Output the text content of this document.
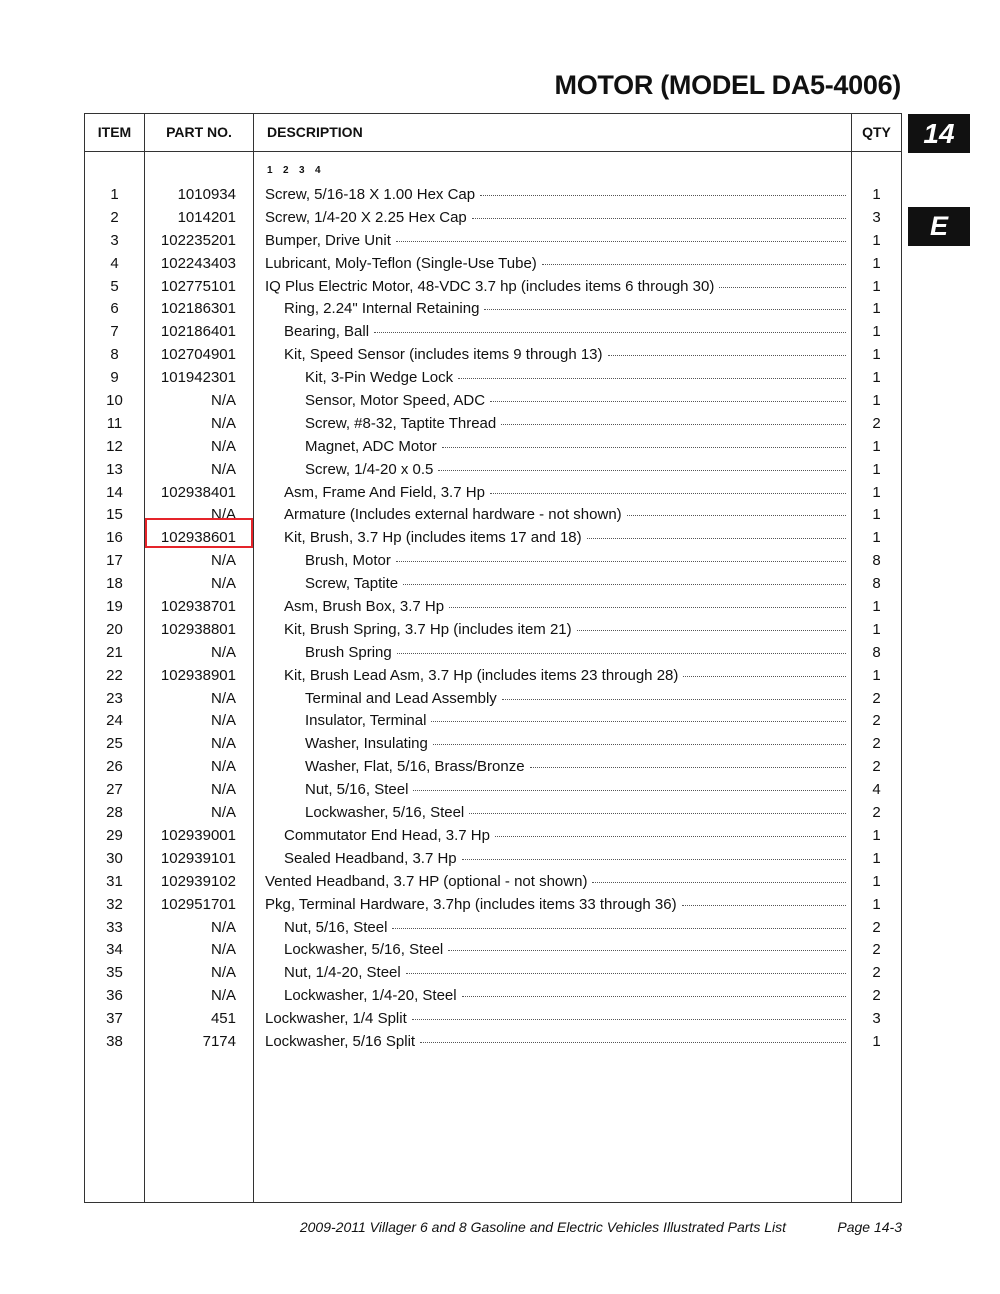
MOTOR (MODEL DA5-4006)
14
E
ITEM	PART NO.	DESCRIPTION	QTY
1 2 3 4
1	1010934 Screw, 5/16-18 X 1.00 Hex Cap	1
2	1014201 Screw, 1/4-20 X 2.25 Hex Cap	3
3	102235201 Bumper, Drive Unit	1
4	102243403 Lubricant, Moly-Teflon (Single-Use Tube)	1
5	102775101 IQ Plus Electric Motor, 48-VDC 3.7 hp (includes items 6 through 30)	1
6	102186301	Ring, 2.24" Internal Retaining	1
7	102186401	Bearing, Ball	1
8	102704901	Kit, Speed Sensor (includes items 9 through 13)	1
9	101942301	Kit, 3-Pin Wedge Lock	1
10	N/A	Sensor, Motor Speed, ADC	1
11	N/A	Screw, #8-32, Taptite Thread	2
12	N/A	Magnet, ADC Motor	1
13	N/A	Screw, 1/4-20 x 0.5	1
14	102938401	Asm, Frame And Field, 3.7 Hp	1
15	N/A	Armature (Includes external hardware - not shown)	1
16	102938601	Kit, Brush, 3.7 Hp (includes items 17 and 18)	1
17	N/A	Brush, Motor	8
18	N/A	Screw, Taptite	8
19	102938701	Asm, Brush Box, 3.7 Hp	1
20	102938801	Kit, Brush Spring, 3.7 Hp (includes item 21)	1
21	N/A	Brush Spring	8
22	102938901	Kit, Brush Lead Asm, 3.7 Hp (includes items 23 through 28)	1
23	N/A	Terminal and Lead Assembly	2
24	N/A	Insulator, Terminal	2
25	N/A	Washer, Insulating	2
26	N/A	Washer, Flat, 5/16, Brass/Bronze	2
27	N/A	Nut, 5/16, Steel	4
28	N/A	Lockwasher, 5/16, Steel	2
29	102939001	Commutator End Head, 3.7 Hp	1
30	102939101	Sealed Headband, 3.7 Hp	1
31	102939102 Vented Headband, 3.7 HP (optional - not shown)	1
32	102951701 Pkg, Terminal Hardware, 3.7hp (includes items 33 through 36)	1
33	N/A	Nut, 5/16, Steel	2
34	N/A	Lockwasher, 5/16, Steel	2
35	N/A	Nut, 1/4-20, Steel	2
36	N/A	Lockwasher, 1/4-20, Steel	2
37	451 Lockwasher, 1/4 Split	3
38	7174 Lockwasher, 5/16 Split	1
2009-2011 Villager 6 and 8 Gasoline and Electric Vehicles Illustrated Parts List	Page 14-3
